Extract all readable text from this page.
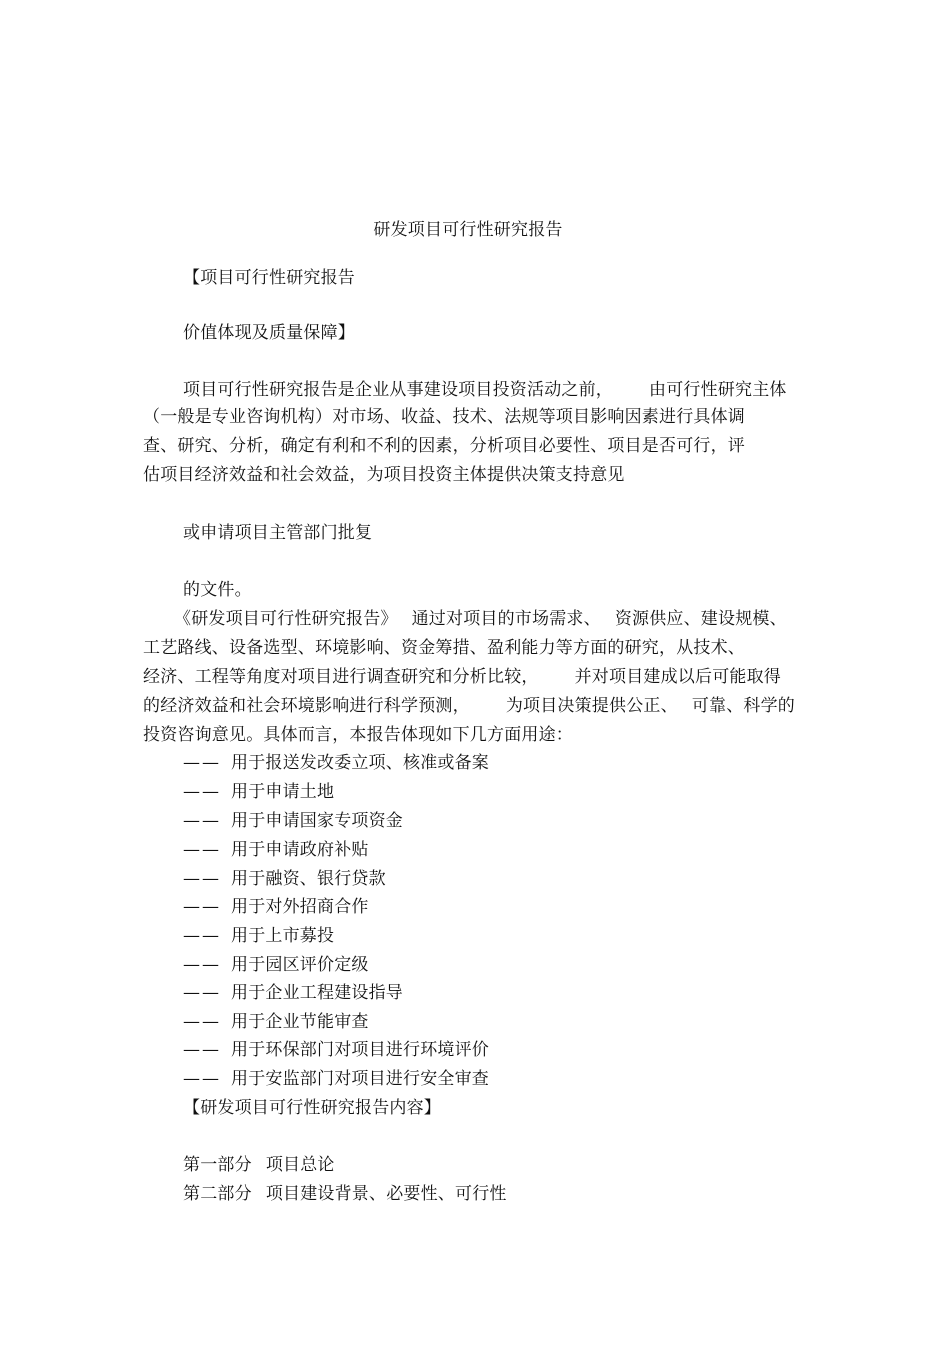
研发项目可行性研究报告
【项目可行性研究报告
价值体现及质量保障】
项目可行性研究报告是企业从事建设项目投资活动之前， 由可行性研究主体
（一般是专业咨询机构）对市场、收益、技术、法规等项目影响因素进行具体调
查、研究、分析，确定有利和不利的因素，分析项目必要性、项目是否可行，评
估项目经济效益和社会效益，为项目投资主体提供决策支持意见
或申请项目主管部门批复
的文件。
《研发项目可行性研究报告》 通过对项目的市场需求、 资源供应、建设规模、
工艺路线、设备选型、环境影响、资金筹措、盈利能力等方面的研究，从技术、
经济、工程等角度对项目进行调查研究和分析比较， 并对项目建成以后可能取得
的经济效益和社会环境影响进行科学预测， 为项目决策提供公正、 可靠、科学的
投资咨询意见。具体而言，本报告体现如下几方面用途：
—— 用于报送发改委立项、核准或备案
—— 用于申请土地
—— 用于申请国家专项资金
—— 用于申请政府补贴
—— 用于融资、银行贷款
—— 用于对外招商合作
—— 用于上市募投
—— 用于园区评价定级
—— 用于企业工程建设指导
—— 用于企业节能审查
—— 用于环保部门对项目进行环境评价
—— 用于安监部门对项目进行安全审查
【研发项目可行性研究报告内容】
第一部分 项目总论
第二部分 项目建设背景、必要性、可行性
